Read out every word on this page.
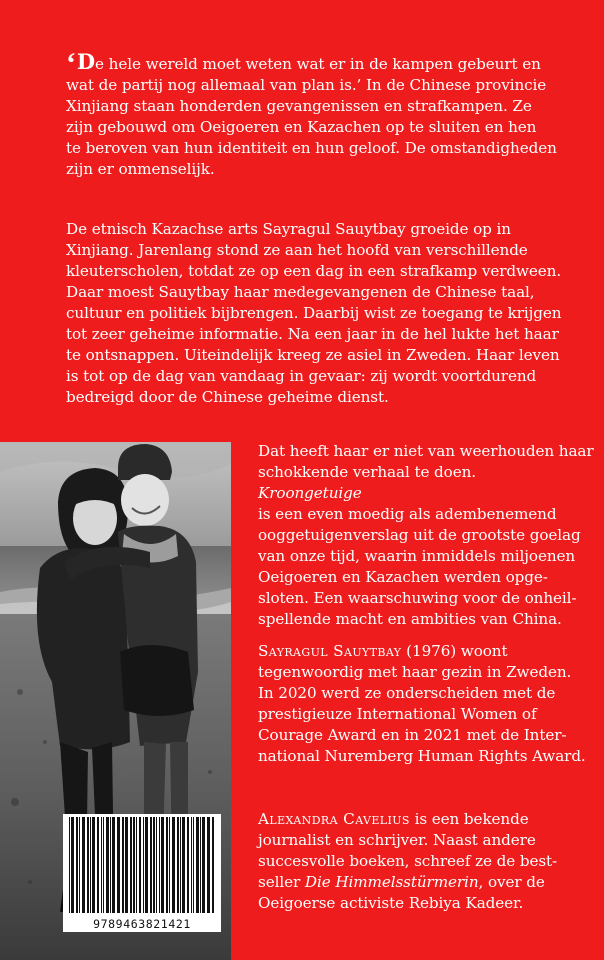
‘De hele wereld moet weten wat er in de kampen gebeurt en
wat de partij nog allemaal van plan is.’ In de Chinese provincie
Xinjiang staan honderden gevangenissen en strafkampen. Ze
zijn gebouwd om Oeigoeren en Kazachen op te sluiten en hen
te beroven van hun identiteit en hun geloof. De omstandigheden
zijn er onmenselijk.
De etnisch Kazachse arts Sayragul Sauytbay groeide op in
Xinjiang. Jarenlang stond ze aan het hoofd van verschillende
kleuterscholen, totdat ze op een dag in een strafkamp verdween.
Daar moest Sauytbay haar medegevangenen de Chinese taal,
cultuur en politiek bijbrengen. Daarbij wist ze toegang te krijgen
tot zeer geheime informatie. Na een jaar in de hel lukte het haar
te ontsnappen. Uiteindelijk kreeg ze asiel in Zweden. Haar leven
is tot op de dag van vandaag in gevaar: zij wordt voortdurend
bedreigd door de Chinese geheime dienst.
Dat heeft haar er niet van weerhouden haar
schokkende verhaal te doen.
Kroongetuige
is een even moedig als adembenemend
ooggetuigenverslag uit de grootste goelag
van onze tijd, waarin inmiddels miljoenen
Oeigoeren en Kazachen werden opge-
sloten. Een waarschuwing voor de onheil-
spellende macht en ambities van China.
Sayragul Sauytbay (1976) woont
tegenwoordig met haar gezin in Zweden.
In 2020 werd ze onderscheiden met de
prestigieuze International Women of
Courage Award en in 2021 met de Inter-
national Nuremberg Human Rights Award.
Alexandra Cavelius is een bekende
journalist en schrijver. Naast andere
succesvolle boeken, schreef ze de best-
seller Die Himmelsstürmerin, over de
Oeigoerse activiste Rebiya Kadeer.
9789463821421
